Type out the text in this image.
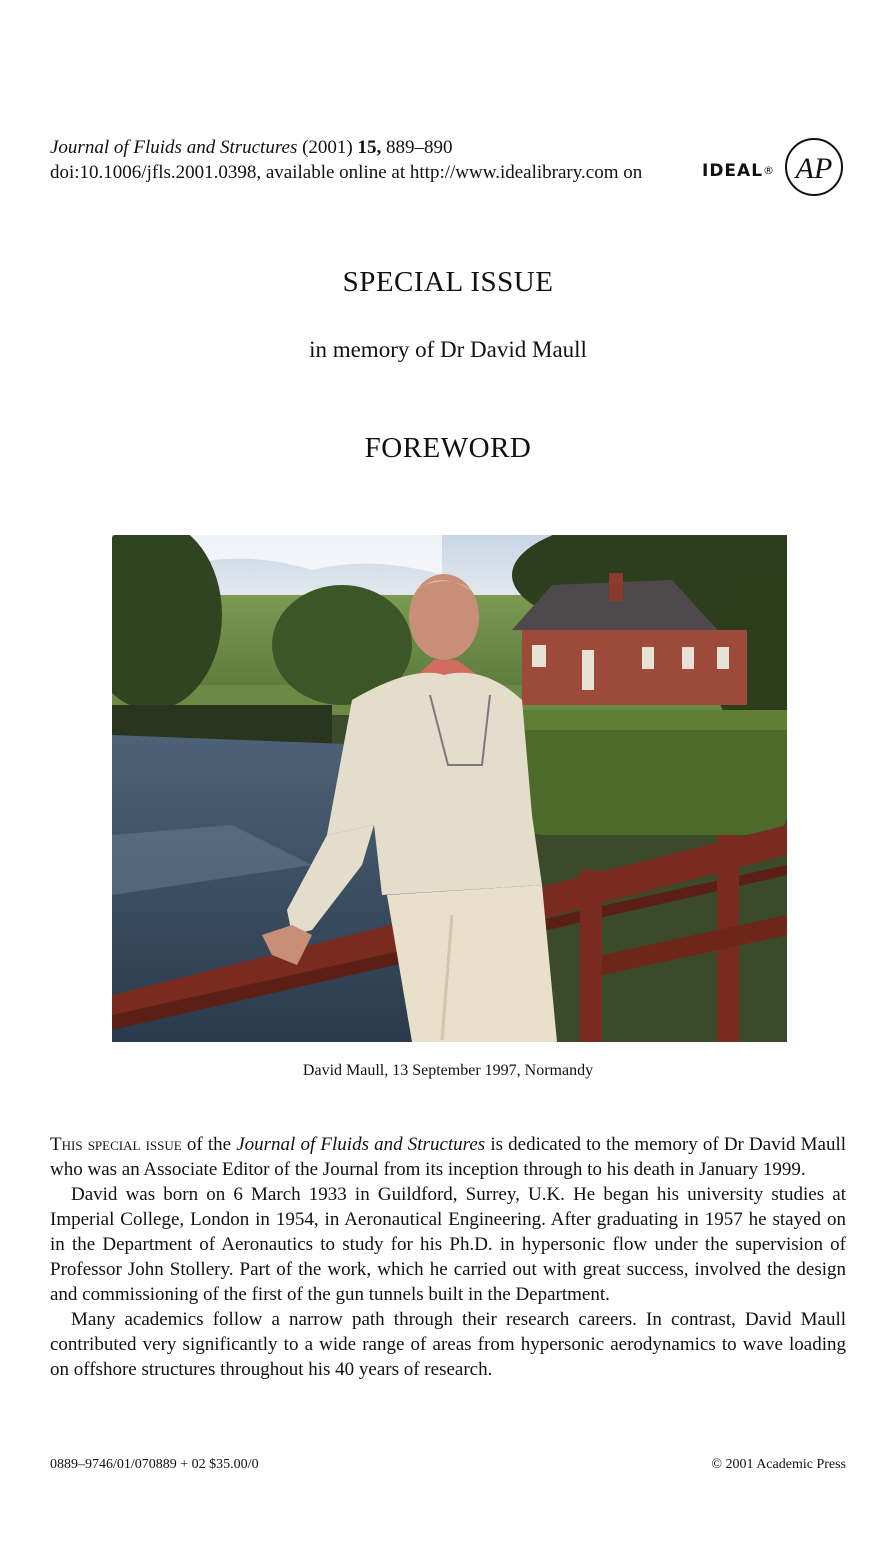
Journal of Fluids and Structures (2001) 15, 889–890
doi:10.1006/jfls.2001.0398, available online at http://www.idealibrary.com on	IDEAL® AP
SPECIAL ISSUE
in memory of Dr David Maull
FOREWORD
David Maull, 13 September 1997, Normandy

This special issue of the Journal of Fluids and Structures is dedicated to the memory of Dr David Maull who was an Associate Editor of the Journal from its inception through to his death in January 1999.

David was born on 6 March 1933 in Guildford, Surrey, U.K. He began his university studies at Imperial College, London in 1954, in Aeronautical Engineering. After graduating in 1957 he stayed on in the Department of Aeronautics to study for his Ph.D. in hypersonic flow under the supervision of Professor John Stollery. Part of the work, which he carried out with great success, involved the design and commissioning of the first of the gun tunnels built in the Department.

Many academics follow a narrow path through their research careers. In contrast, David Maull contributed very significantly to a wide range of areas from hypersonic aerodynamics to wave loading on offshore structures throughout his 40 years of research.

0889–9746/01/070889 + 02 $35.00/0	© 2001 Academic Press
